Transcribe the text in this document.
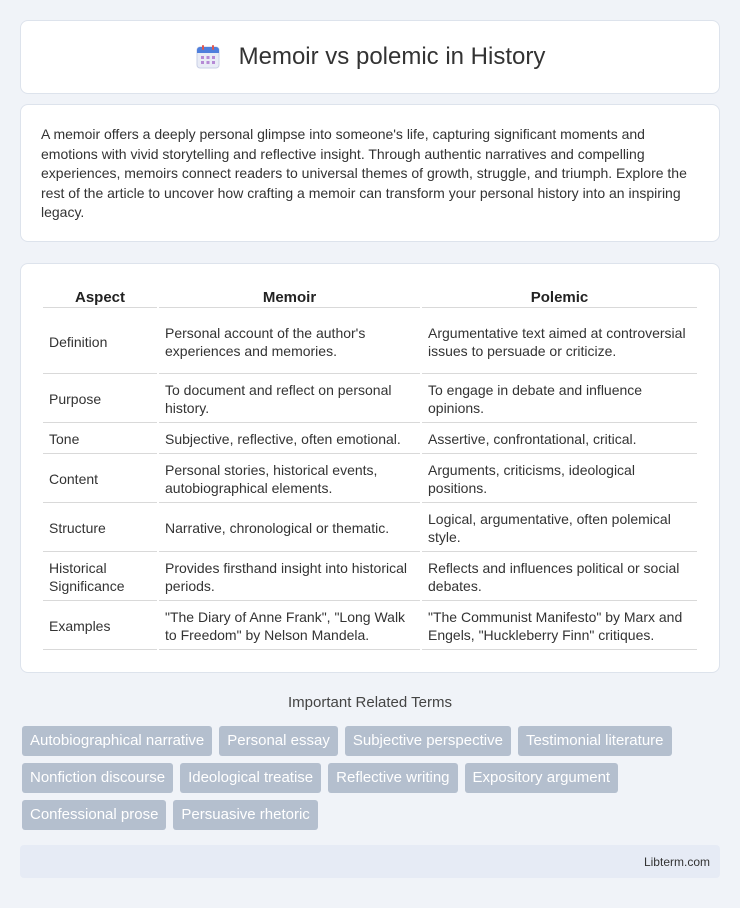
Memoir vs polemic in History

A memoir offers a deeply personal glimpse into someone's life, capturing significant moments and emotions with vivid storytelling and reflective insight. Through authentic narratives and compelling experiences, memoirs connect readers to universal themes of growth, struggle, and triumph. Explore the rest of the article to uncover how crafting a memoir can transform your personal history into an inspiring legacy.

Aspect	Memoir	Polemic
Definition	Personal account of the author's experiences and memories.	Argumentative text aimed at controversial issues to persuade or criticize.
Purpose	To document and reflect on personal history.	To engage in debate and influence opinions.
Tone	Subjective, reflective, often emotional.	Assertive, confrontational, critical.
Content	Personal stories, historical events, autobiographical elements.	Arguments, criticisms, ideological positions.
Structure	Narrative, chronological or thematic.	Logical, argumentative, often polemical style.
Historical Significance	Provides firsthand insight into historical periods.	Reflects and influences political or social debates.
Examples	"The Diary of Anne Frank", "Long Walk to Freedom" by Nelson Mandela.	"The Communist Manifesto" by Marx and Engels, "Huckleberry Finn" critiques.
Important Related Terms
Autobiographical narrative	Personal essay	Subjective perspective	Testimonial literature
Nonfiction discourse	Ideological treatise	Reflective writing	Expository argument
Confessional prose	Persuasive rhetoric
Libterm.com
